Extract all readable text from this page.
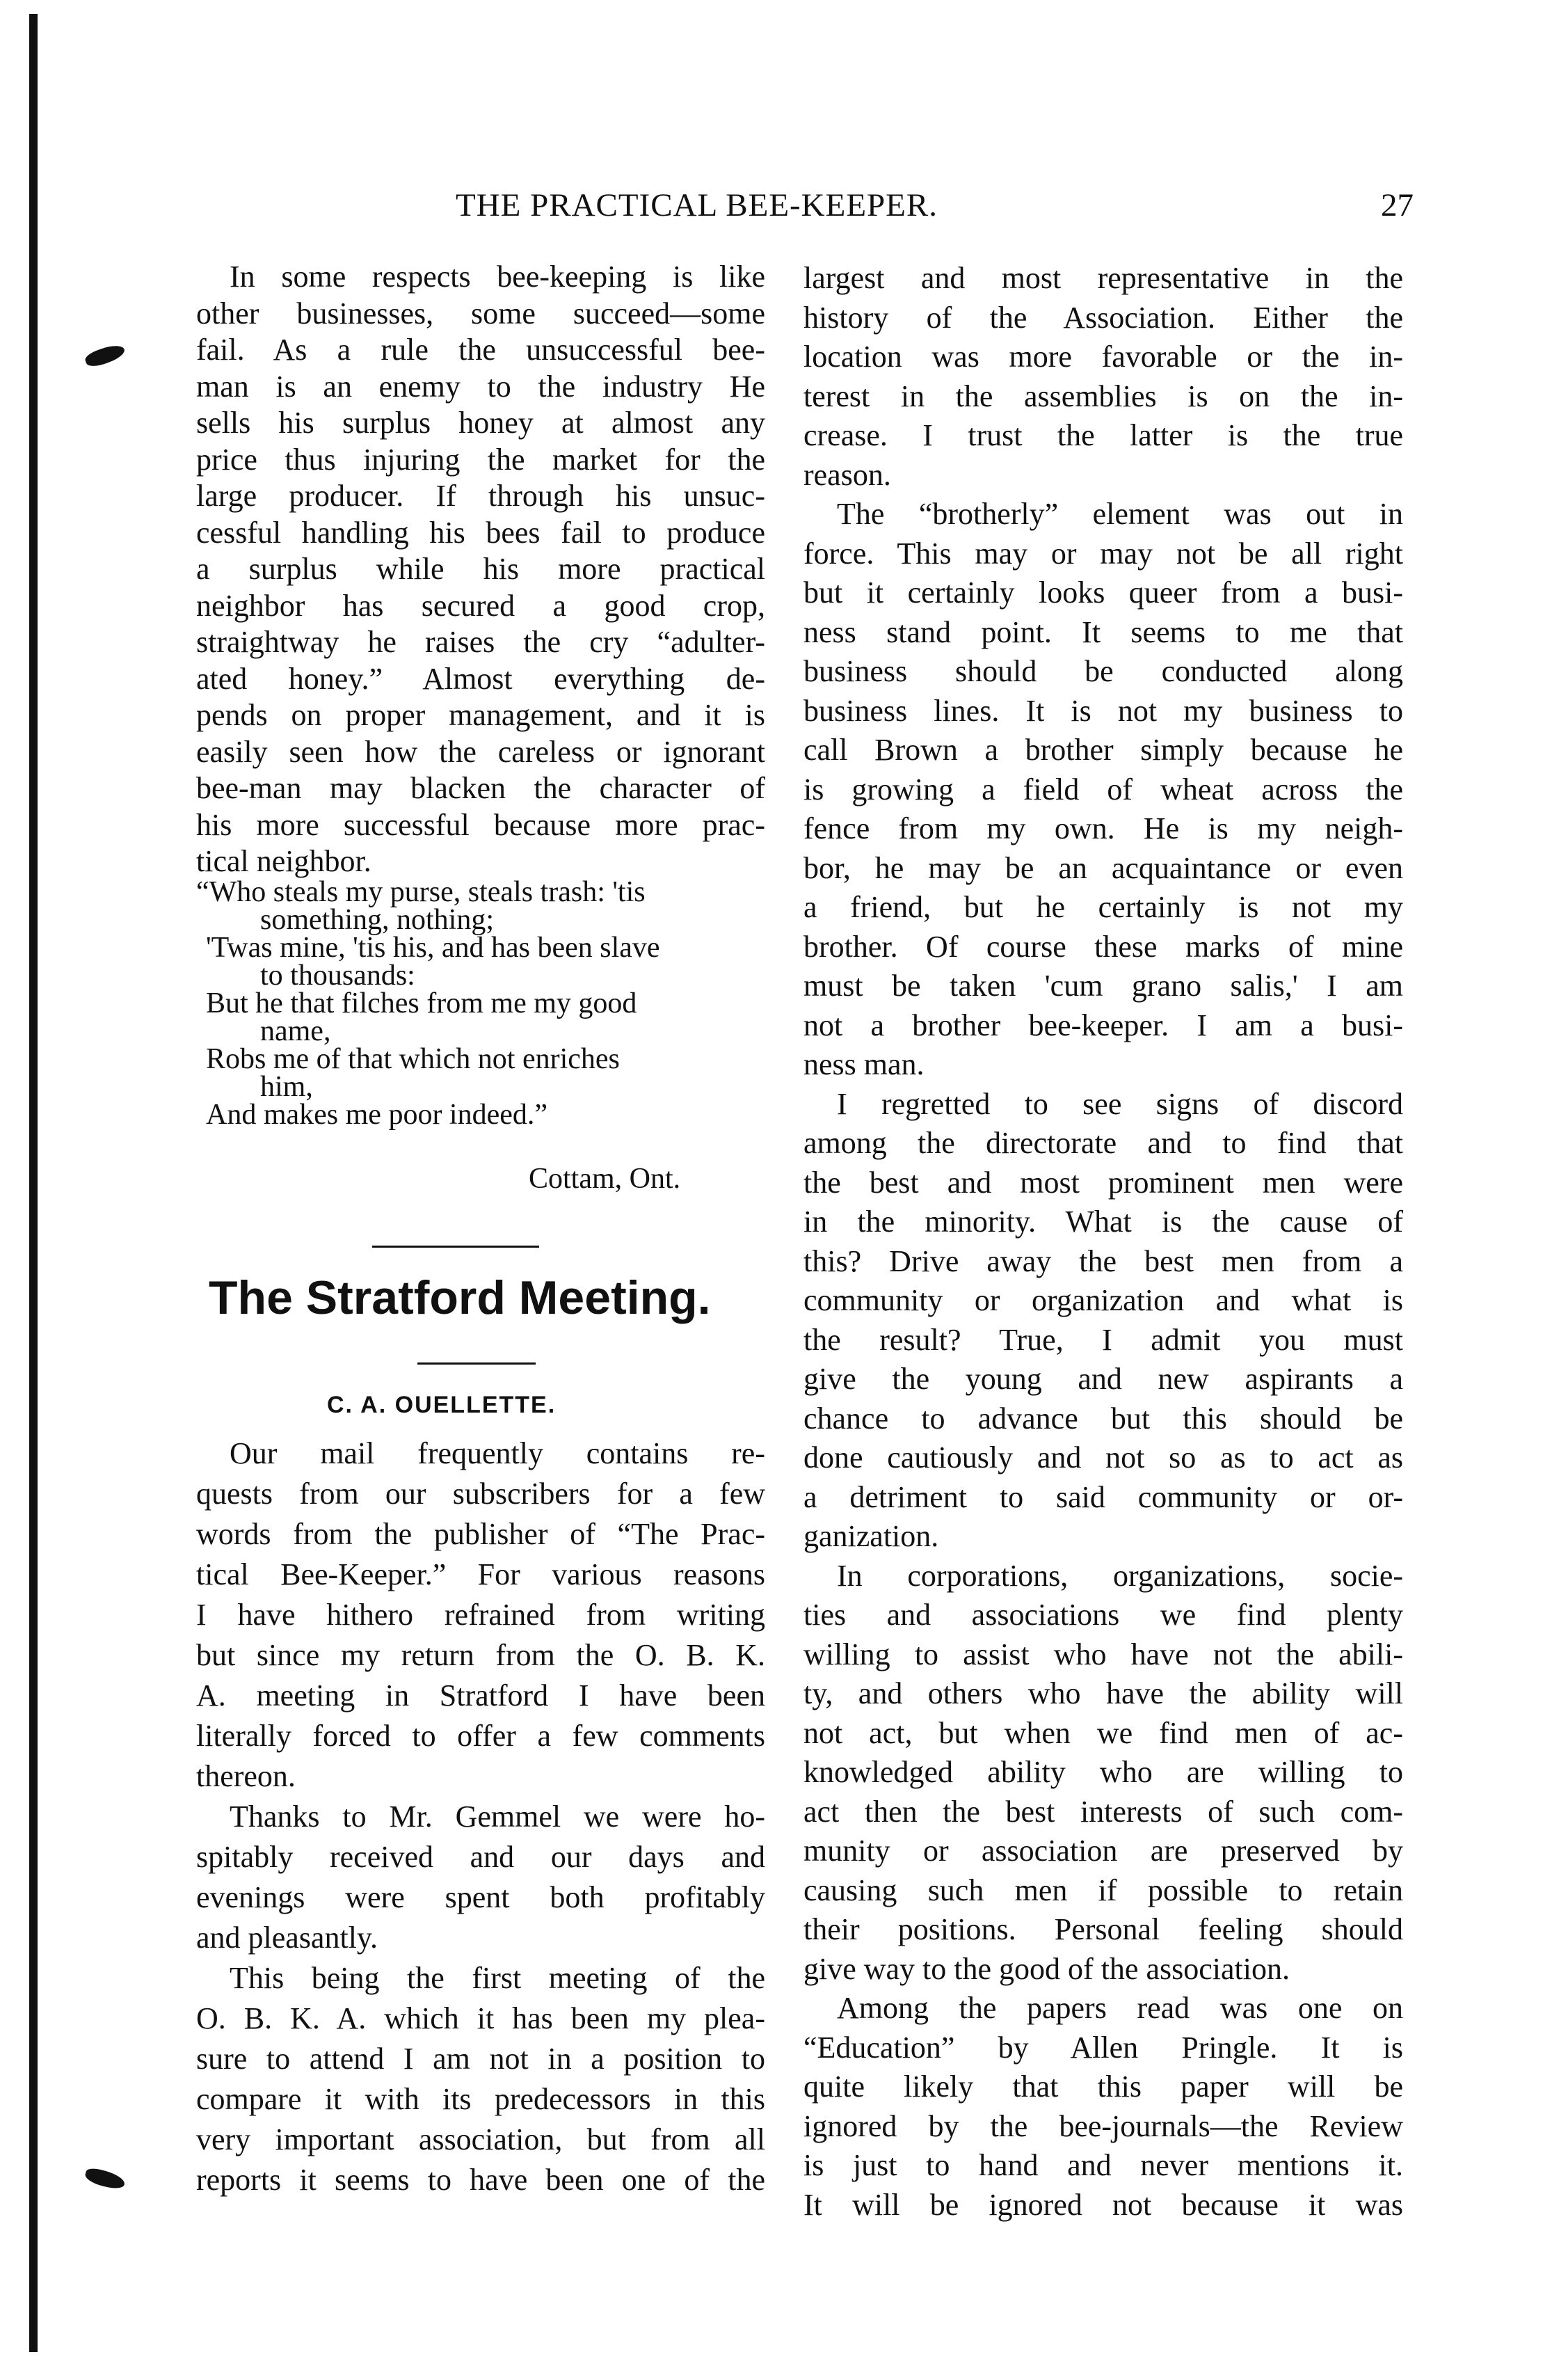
THE PRACTICAL BEE-KEEPER.	27
In some respects bee-keeping is like
other businesses, some succeed—some
fail. As a rule the unsuccessful bee-
man is an enemy to the industry He
sells his surplus honey at almost any
price thus injuring the market for the
large producer. If through his unsuc-
cessful handling his bees fail to produce
a surplus while his more practical
neighbor has secured a good crop,
straightway he raises the cry “adulter-
ated honey.” Almost everything de-
pends on proper management, and it is
easily seen how the careless or ignorant
bee-man may blacken the character of
his more successful because more prac-
tical neighbor.
“Who steals my purse, steals trash: 'tis
something, nothing;
'Twas mine, 'tis his, and has been slave
to thousands:
But he that filches from me my good
name,
Robs me of that which not enriches
him,
And makes me poor indeed.”
Cottam, Ont.
The Stratford Meeting.
C. A. OUELLETTE.
Our mail frequently contains re-
quests from our subscribers for a few
words from the publisher of “The Prac-
tical Bee-Keeper.” For various reasons
I have hithero refrained from writing
but since my return from the O. B. K.
A. meeting in Stratford I have been
literally forced to offer a few comments
thereon.
Thanks to Mr. Gemmel we were ho-
spitably received and our days and
evenings were spent both profitably
and pleasantly.
This being the first meeting of the
O. B. K. A. which it has been my plea-
sure to attend I am not in a position to
compare it with its predecessors in this
very important association, but from all
reports it seems to have been one of the
largest and most representative in the
history of the Association. Either the
location was more favorable or the in-
terest in the assemblies is on the in-
crease. I trust the latter is the true
reason.
The “brotherly” element was out in
force. This may or may not be all right
but it certainly looks queer from a busi-
ness stand point. It seems to me that
business should be conducted along
business lines. It is not my business to
call Brown a brother simply because he
is growing a field of wheat across the
fence from my own. He is my neigh-
bor, he may be an acquaintance or even
a friend, but he certainly is not my
brother. Of course these marks of mine
must be taken 'cum grano salis,' I am
not a brother bee-keeper. I am a busi-
ness man.
I regretted to see signs of discord
among the directorate and to find that
the best and most prominent men were
in the minority. What is the cause of
this? Drive away the best men from a
community or organization and what is
the result? True, I admit you must
give the young and new aspirants a
chance to advance but this should be
done cautiously and not so as to act as
a detriment to said community or or-
ganization.
In corporations, organizations, socie-
ties and associations we find plenty
willing to assist who have not the abili-
ty, and others who have the ability will
not act, but when we find men of ac-
knowledged ability who are willing to
act then the best interests of such com-
munity or association are preserved by
causing such men if possible to retain
their positions. Personal feeling should
give way to the good of the association.
Among the papers read was one on
“Education” by Allen Pringle. It is
quite likely that this paper will be
ignored by the bee-journals—the Review
is just to hand and never mentions it.
It will be ignored not because it was
